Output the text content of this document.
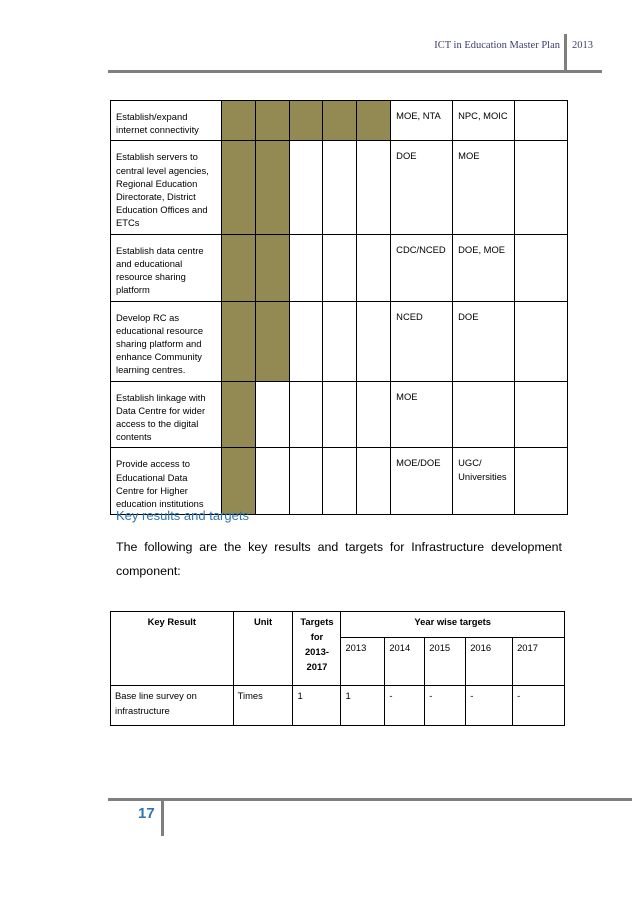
ICT in Education Master Plan 2013
Establish/expand internet connectivity						MOE, NTA	NPC, MOIC	
Establish servers to central level agencies, Regional Education Directorate, District Education Offices and ETCs						DOE	MOE	
Establish data centre and educational resource sharing platform						CDC/NCED	DOE, MOE	
Develop RC as educational resource sharing platform and enhance Community learning centres.						NCED	DOE	
Establish linkage with Data Centre for wider access to the digital contents						MOE		
Provide access to Educational Data Centre for Higher education institutions						MOE/DOE	UGC/ Universities	
Key results and targets

The following are the key results and targets for Infrastructure development component:

Key Result	Unit	Targets for 2013-2017	Year wise targets				
			2013	2014	2015	2016	2017
Base line survey on infrastructure	Times	1	1	-	-	-	-
17
